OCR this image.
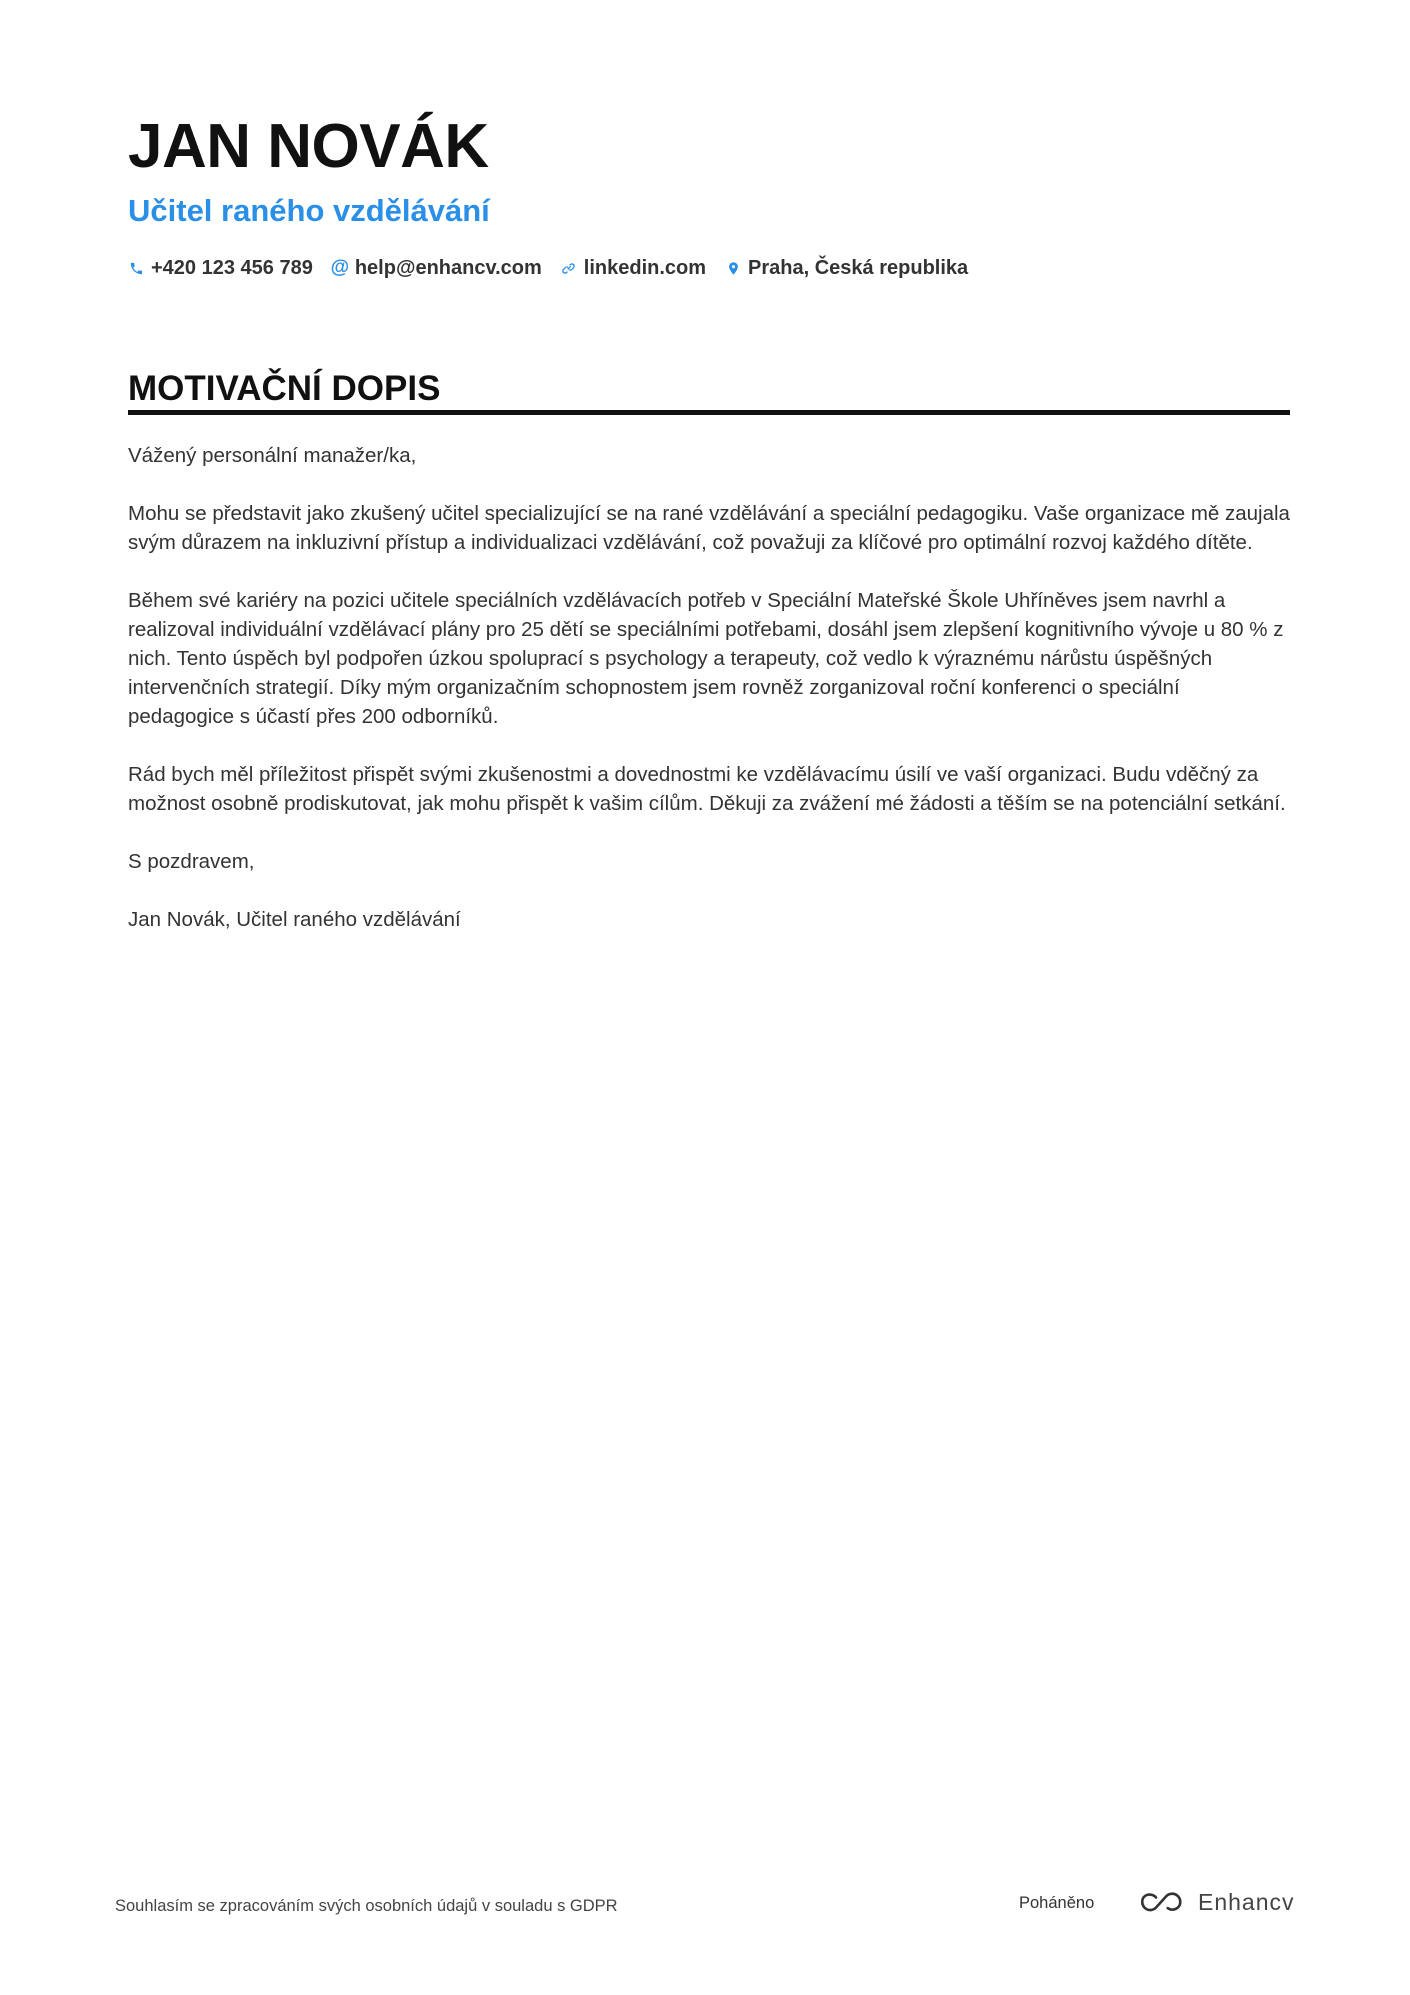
JAN NOVÁK
Učitel raného vzdělávání
+420 123 456 789 @ help@enhancv.com linkedin.com Praha, Česká republika
MOTIVAČNÍ DOPIS

Vážený personální manažer/ka,

Mohu se představit jako zkušený učitel specializující se na rané vzdělávání a speciální pedagogiku. Vaše organizace mě zaujala svým důrazem na inkluzivní přístup a individualizaci vzdělávání, což považuji za klíčové pro optimální rozvoj každého dítěte.

Během své kariéry na pozici učitele speciálních vzdělávacích potřeb v Speciální Mateřské Škole Uhříněves jsem navrhl a realizoval individuální vzdělávací plány pro 25 dětí se speciálními potřebami, dosáhl jsem zlepšení kognitivního vývoje u 80 % z nich. Tento úspěch byl podpořen úzkou spoluprací s psychology a terapeuty, což vedlo k výraznému nárůstu úspěšných intervenčních strategií. Díky mým organizačním schopnostem jsem rovněž zorganizoval roční konferenci o speciální pedagogice s účastí přes 200 odborníků.

Rád bych měl příležitost přispět svými zkušenostmi a dovednostmi ke vzdělávacímu úsilí ve vaší organizaci. Budu vděčný za možnost osobně prodiskutovat, jak mohu přispět k vašim cílům. Děkuji za zvážení mé žádosti a těším se na potenciální setkání.

S pozdravem,

Jan Novák, Učitel raného vzdělávání

Souhlasím se zpracováním svých osobních údajů v souladu s GDPR	Poháněno	Enhancv
